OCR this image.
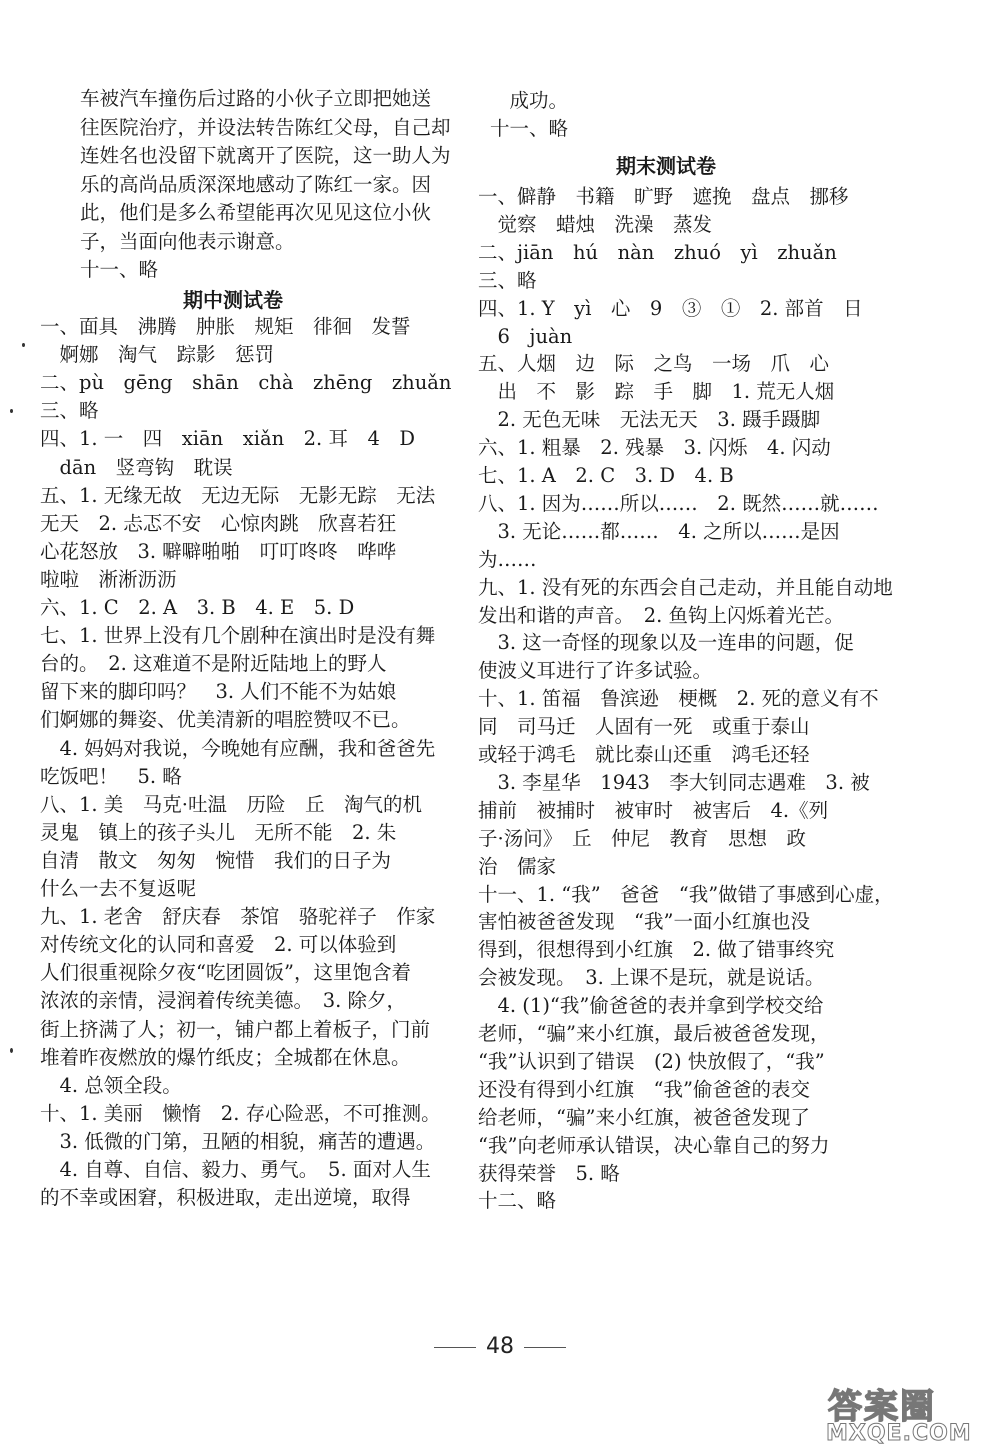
车被汽车撞伤后过路的小伙子立即把她送
往医院治疗，并设法转告陈红父母，自己却
连姓名也没留下就离开了医院，这一助人为
乐的高尚品质深深地感动了陈红一家。因
此，他们是多么希望能再次见见这位小伙
子，当面向他表示谢意。
十一、略
期中测试卷
一、面具　沸腾　肿胀　规矩　徘徊　发誓
　婀娜　淘气　踪影　惩罚
二、pù　gēng　shān　chà　zhēng　zhuǎn
三、略
四、1. 一　四　xiān　xiǎn　2. 耳　4　D
　dān　竖弯钩　耽误
五、1. 无缘无故　无边无际　无影无踪　无法
无天　2. 忐忑不安　心惊肉跳　欣喜若狂
心花怒放　3. 噼噼啪啪　叮叮咚咚　哗哗
啦啦　淅淅沥沥
六、1. C　2. A　3. B　4. E　5. D
七、1. 世界上没有几个剧种在演出时是没有舞
台的。　2. 这难道不是附近陆地上的野人
留下来的脚印吗？　3. 人们不能不为姑娘
们婀娜的舞姿、优美清新的唱腔赞叹不已。
　4. 妈妈对我说，今晚她有应酬，我和爸爸先
吃饭吧！　5. 略
八、1. 美　马克·吐温　历险　丘　淘气的机
灵鬼　镇上的孩子头儿　无所不能　2. 朱
自清　散文　匆匆　惋惜　我们的日子为
什么一去不复返呢
九、1. 老舍　舒庆春　茶馆　骆驼祥子　作家
对传统文化的认同和喜爱　2. 可以体验到
人们很重视除夕夜“吃团圆饭”，这里饱含着
浓浓的亲情，浸润着传统美德。　3. 除夕，
街上挤满了人；初一，铺户都上着板子，门前
堆着昨夜燃放的爆竹纸皮；全城都在休息。
　4. 总领全段。
十、1. 美丽　懒惰　2. 存心险恶，不可推测。
　3. 低微的门第，丑陋的相貌，痛苦的遭遇。
　4. 自尊、自信、毅力、勇气。　5. 面对人生
的不幸或困窘，积极进取，走出逆境，取得
　成功。
十一、略
期末测试卷
一、僻静　书籍　旷野　遮挽　盘点　挪移
　觉察　蜡烛　洗澡　蒸发
二、jiān　hú　nàn　zhuó　yì　zhuǎn
三、略
四、1. Y　yì　心　9　③　①　2. 部首　日
　6　juàn
五、人烟　边　际　之鸟　一场　爪　心
　出　不　影　踪　手　脚　1. 荒无人烟
　2. 无色无味　无法无天　3. 蹑手蹑脚
六、1. 粗暴　2. 残暴　3. 闪烁　4. 闪动
七、1. A　2. C　3. D　4. B
八、1. 因为……所以……　2. 既然……就……
　3. 无论……都……　4. 之所以……是因
为……
九、1. 没有死的东西会自己走动，并且能自动地
发出和谐的声音。　2. 鱼钩上闪烁着光芒。
　3. 这一奇怪的现象以及一连串的问题，促
使波义耳进行了许多试验。
十、1. 笛福　鲁滨逊　梗概　2. 死的意义有不
同　司马迁　人固有一死　或重于泰山
或轻于鸿毛　就比泰山还重　鸿毛还轻
　3. 李星华　1943　李大钊同志遇难　3. 被
捕前　被捕时　被审时　被害后　4.《列
子·汤问》　丘　仲尼　教育　思想　政
治　儒家
十一、1. “我”　爸爸　“我”做错了事感到心虚，
害怕被爸爸发现　“我”一面小红旗也没
得到，很想得到小红旗　2. 做了错事终究
会被发现。　3. 上课不是玩，就是说话。
　4. (1)“我”偷爸爸的表并拿到学校交给
老师，“骗”来小红旗，最后被爸爸发现，
“我”认识到了错误　(2) 快放假了，“我”
还没有得到小红旗　“我”偷爸爸的表交
给老师，“骗”来小红旗，被爸爸发现了
“我”向老师承认错误，决心靠自己的努力
获得荣誉　5. 略
十二、略
48
答案圈
MXQE.COM
